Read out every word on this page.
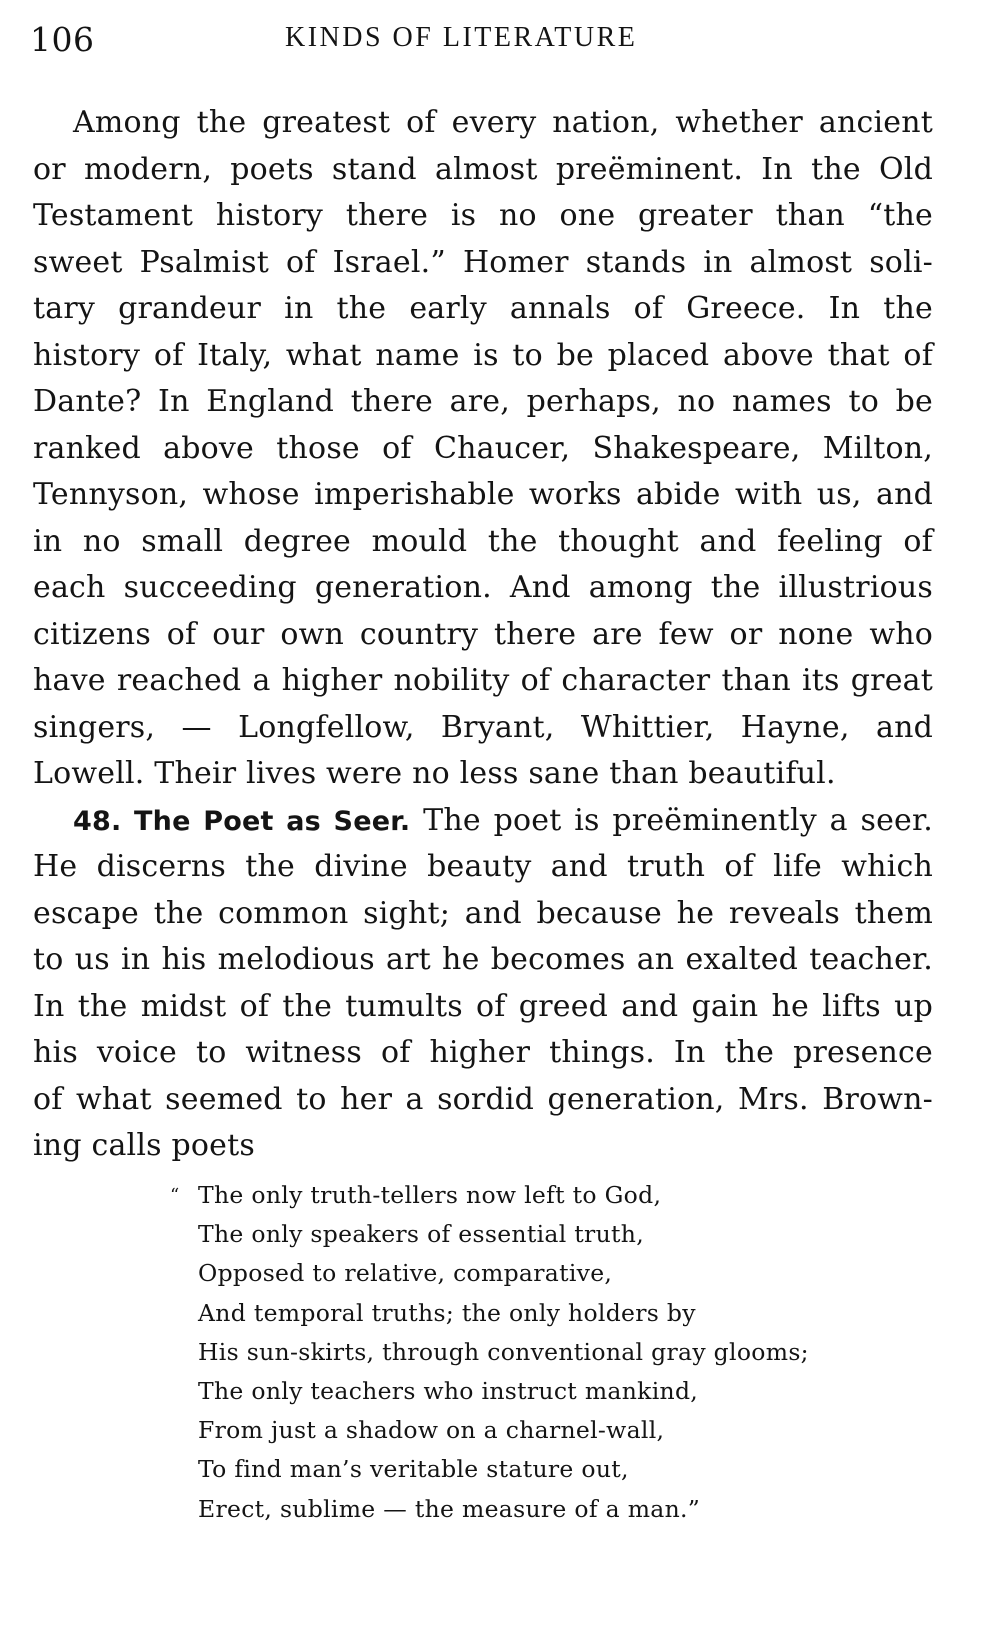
106	KINDS OF LITERATURE
Among the greatest of every nation, whether ancient
or modern, poets stand almost preëminent. In the Old
Testament history there is no one greater than “the
sweet Psalmist of Israel.” Homer stands in almost soli-
tary grandeur in the early annals of Greece. In the
history of Italy, what name is to be placed above that of
Dante? In England there are, perhaps, no names to be
ranked above those of Chaucer, Shakespeare, Milton,
Tennyson, whose imperishable works abide with us, and
in no small degree mould the thought and feeling of
each succeeding generation. And among the illustrious
citizens of our own country there are few or none who
have reached a higher nobility of character than its great
singers, — Longfellow, Bryant, Whittier, Hayne, and
Lowell. Their lives were no less sane than beautiful.
48. The Poet as Seer. The poet is preëminently a seer.
He discerns the divine beauty and truth of life which
escape the common sight; and because he reveals them
to us in his melodious art he becomes an exalted teacher.
In the midst of the tumults of greed and gain he lifts up
his voice to witness of higher things. In the presence
of what seemed to her a sordid generation, Mrs. Brown-
ing calls poets
“ The only truth-tellers now left to God,
The only speakers of essential truth,
Opposed to relative, comparative,
And temporal truths; the only holders by
His sun-skirts, through conventional gray glooms;
The only teachers who instruct mankind,
From just a shadow on a charnel-wall,
To find man’s veritable stature out,
Erect, sublime — the measure of a man.”
